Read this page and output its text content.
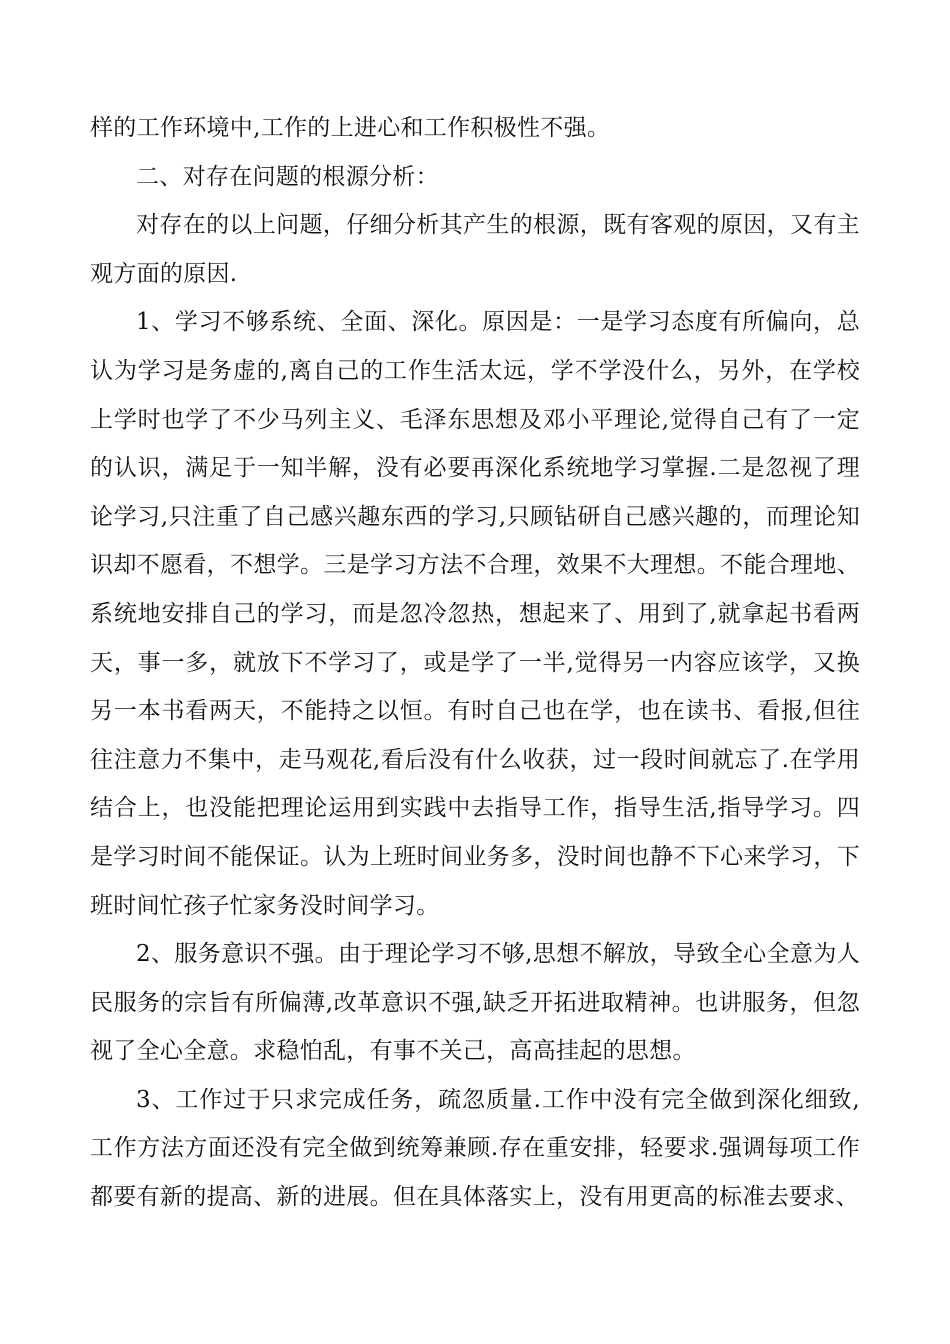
样的工作环境中,工作的上进心和工作积极性不强。

二、对存在问题的根源分析：

对存在的以上问题，仔细分析其产生的根源，既有客观的原因，又有主观方面的原因.

1、学习不够系统、全面、深化。原因是：一是学习态度有所偏向，总认为学习是务虚的,离自己的工作生活太远，学不学没什么，另外，在学校上学时也学了不少马列主义、毛泽东思想及邓小平理论,觉得自己有了一定的认识，满足于一知半解，没有必要再深化系统地学习掌握.二是忽视了理论学习,只注重了自己感兴趣东西的学习,只顾钻研自己感兴趣的，而理论知识却不愿看，不想学。三是学习方法不合理，效果不大理想。不能合理地、系统地安排自己的学习，而是忽冷忽热，想起来了、用到了,就拿起书看两天，事一多，就放下不学习了，或是学了一半,觉得另一内容应该学，又换另一本书看两天，不能持之以恒。有时自己也在学，也在读书、看报,但往往注意力不集中，走马观花,看后没有什么收获，过一段时间就忘了.在学用结合上，也没能把理论运用到实践中去指导工作，指导生活,指导学习。四是学习时间不能保证。认为上班时间业务多，没时间也静不下心来学习，下班时间忙孩子忙家务没时间学习。

2、服务意识不强。由于理论学习不够,思想不解放，导致全心全意为人民服务的宗旨有所偏薄,改革意识不强,缺乏开拓进取精神。也讲服务，但忽视了全心全意。求稳怕乱，有事不关己，高高挂起的思想。

3、工作过于只求完成任务，疏忽质量.工作中没有完全做到深化细致,工作方法方面还没有完全做到统筹兼顾.存在重安排，轻要求.强调每项工作都要有新的提高、新的进展。但在具体落实上，没有用更高的标准去要求、
